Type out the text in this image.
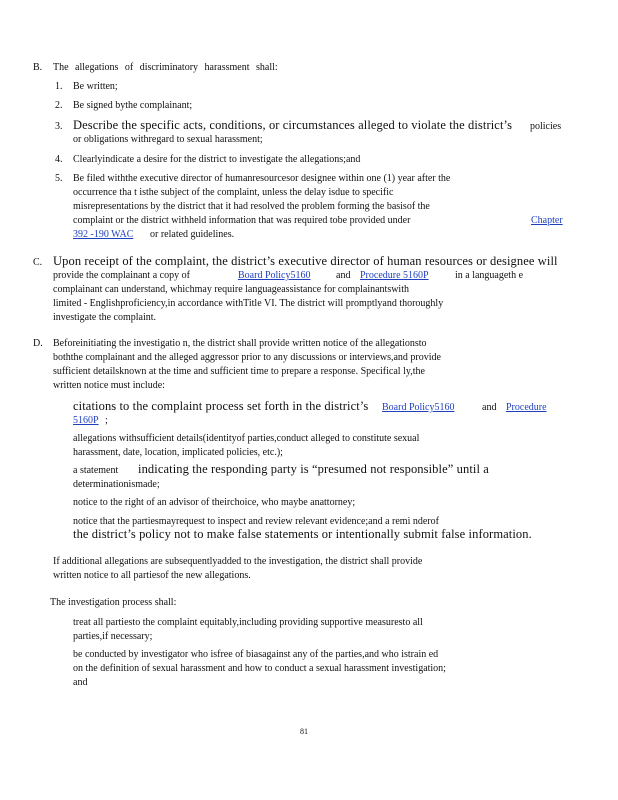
B. The allegations of discriminatory harassment shall:
1. Be written;
2. Be signed bythe complainant;
3. Describe the specific acts, conditions, or circumstances alleged to violate the district’s policies
or obligations withregard to sexual harassment;
4. Clearlyindicate a desire for the district to investigate the allegations;and
5. Be filed withthe executive director of humanresourcesor designee within one (1) year after the
occurrence tha t isthe subject of the complaint, unless the delay isdue to specific
misrepresentations by the district that it had resolved the problem forming the basisof the
complaint or the district withheld information that was required tobe provided under	Chapter
392 -190 WAC or related guidelines.
C. Upon receipt of the complaint, the district’s executive director of human resources or designee will
provide the complainant a copy of	Board Policy5160	and Procedure 5160P	in a languageth e
complainant can understand, whichmay require languageassistance for complainantswith
limited - Englishproficiency,in accordance withTitle VI. The district will promptlyand thoroughly
investigate the complaint.
D. Beforeinitiating the investigatio n, the district shall provide written notice of the allegationsto
boththe complainant and the alleged aggressor prior to any discussions or interviews,and provide
sufficient detailsknown at the time and sufficient time to prepare a response. Specifical ly,the
written notice must include:
citations to the complaint process set forth in the district’s Board Policy5160	and Procedure
5160P ;
allegations withsufficient details(identityof parties,conduct alleged to constitute sexual
harassment, date, location, implicated policies, etc.);
a statement indicating the responding party is “presumed not responsible” until a
determinationismade;
notice to the right of an advisor of theirchoice, who maybe anattorney;
notice that the partiesmayrequest to inspect and review relevant evidence;and a remi nderof
the district’s policy not to make false statements or intentionally submit false information.
If additional allegations are subsequentlyadded to the investigation, the district shall provide
written notice to all partiesof the new allegations.
The investigation process shall:
treat all partiesto the complaint equitably,including providing supportive measuresto all
parties,if necessary;
be conducted by investigator who isfree of biasagainst any of the parties,and who istrain ed
on the definition of sexual harassment and how to conduct a sexual harassment investigation;
and
81
